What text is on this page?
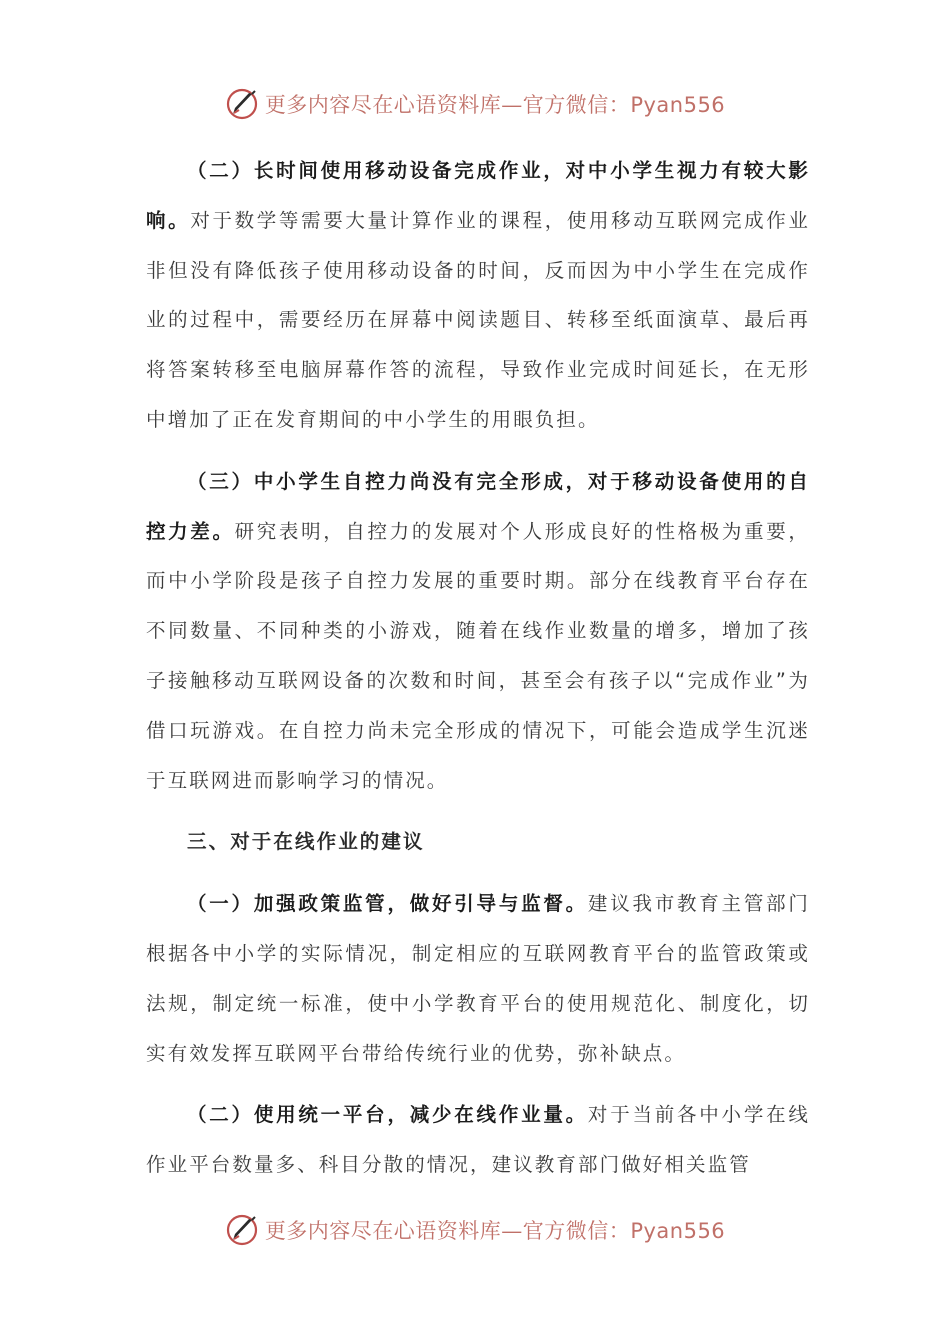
更多内容尽在心语资料库—官方微信：Pyan556

（二）长时间使用移动设备完成作业，对中小学生视力有较大影响。对于数学等需要大量计算作业的课程，使用移动互联网完成作业非但没有降低孩子使用移动设备的时间，反而因为中小学生在完成作业的过程中，需要经历在屏幕中阅读题目、转移至纸面演草、最后再将答案转移至电脑屏幕作答的流程，导致作业完成时间延长，在无形中增加了正在发育期间的中小学生的用眼负担。

（三）中小学生自控力尚没有完全形成，对于移动设备使用的自控力差。研究表明，自控力的发展对个人形成良好的性格极为重要，而中小学阶段是孩子自控力发展的重要时期。部分在线教育平台存在不同数量、不同种类的小游戏，随着在线作业数量的增多，增加了孩子接触移动互联网设备的次数和时间，甚至会有孩子以“完成作业”为借口玩游戏。在自控力尚未完全形成的情况下，可能会造成学生沉迷于互联网进而影响学习的情况。

三、对于在线作业的建议

（一）加强政策监管，做好引导与监督。建议我市教育主管部门根据各中小学的实际情况，制定相应的互联网教育平台的监管政策或法规，制定统一标准，使中小学教育平台的使用规范化、制度化，切实有效发挥互联网平台带给传统行业的优势，弥补缺点。

（二）使用统一平台，减少在线作业量。对于当前各中小学在线作业平台数量多、科目分散的情况，建议教育部门做好相关监管

更多内容尽在心语资料库—官方微信：Pyan556
